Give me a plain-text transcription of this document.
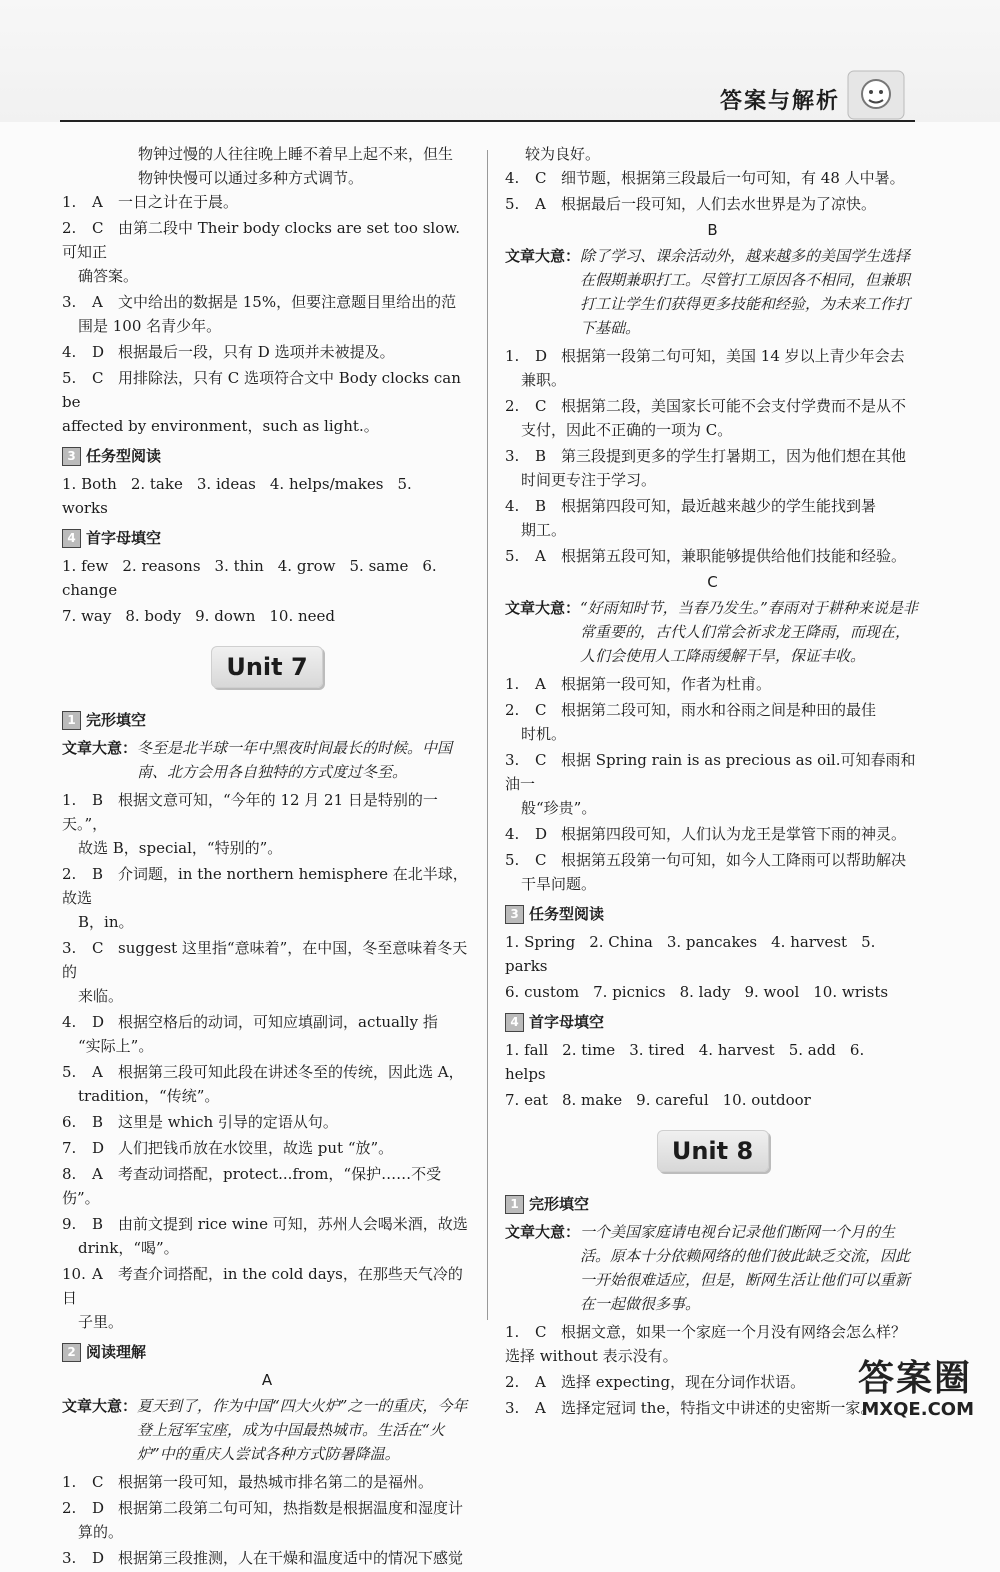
答案与解析
物钟过慢的人往往晚上睡不着早上起不来，但生
物钟快慢可以通过多种方式调节。
1. A 一日之计在于晨。
2. C 由第二段中 Their body clocks are set too slow.可知正
确答案。
3. A 文中给出的数据是 15%，但要注意题目里给出的范
围是 100 名青少年。
4. D 根据最后一段，只有 D 选项并未被提及。
5. C 用排除法，只有 C 选项符合文中 Body clocks can be
affected by environment，such as light.。
3 任务型阅读
1. Both 2. take 3. ideas 4. helps/makes 5. works
4 首字母填空
1. few 2. reasons 3. thin 4. grow 5. same 6. change
7. way 8. body 9. down 10. need
Unit 7
1 完形填空
文章大意： 冬至是北半球一年中黑夜时间最长的时候。中国南、北方会用各自独特的方式度过冬至。
1. B 根据文意可知，“今年的 12 月 21 日是特别的一天。”，
故选 B，special，“特别的”。
2. B 介词题，in the northern hemisphere 在北半球，故选
B，in。
3. C suggest 这里指“意味着”，在中国，冬至意味着冬天的
来临。
4. D 根据空格后的动词，可知应填副词，actually 指
“实际上”。
5. A 根据第三段可知此段在讲述冬至的传统，因此选 A，
tradition，“传统”。
6. B 这里是 which 引导的定语从句。
7. D 人们把钱币放在水饺里，故选 put “放”。
8. A 考查动词搭配，protect...from，“保护……不受伤”。
9. B 由前文提到 rice wine 可知，苏州人会喝米酒，故选
drink，“喝”。
10. A 考查介词搭配，in the cold days，在那些天气冷的日
子里。
2 阅读理解
A
文章大意： 夏天到了，作为中国“四大火炉”之一的重庆，今年登上冠军宝座，成为中国最热城市。生活在“火炉”中的重庆人尝试各种方式防暑降温。
1. C 根据第一段可知，最热城市排名第二的是福州。
2. D 根据第二段第二句可知，热指数是根据温度和湿度计
算的。
3. D 根据第三段推测，人在干燥和温度适中的情况下感觉
较为良好。
4. C 细节题，根据第三段最后一句可知，有 48 人中暑。
5. A 根据最后一段可知，人们去水世界是为了凉快。
B
文章大意： 除了学习、课余活动外，越来越多的美国学生选择在假期兼职打工。尽管打工原因各不相同，但兼职打工让学生们获得更多技能和经验，为未来工作打下基础。
1. D 根据第一段第二句可知，美国 14 岁以上青少年会去
兼职。
2. C 根据第二段，美国家长可能不会支付学费而不是从不
支付，因此不正确的一项为 C。
3. B 第三段提到更多的学生打暑期工，因为他们想在其他
时间更专注于学习。
4. B 根据第四段可知，最近越来越少的学生能找到暑
期工。
5. A 根据第五段可知，兼职能够提供给他们技能和经验。
C
文章大意： “好雨知时节，当春乃发生。”春雨对于耕种来说是非常重要的，古代人们常会祈求龙王降雨，而现在，人们会使用人工降雨缓解干旱，保证丰收。
1. A 根据第一段可知，作者为杜甫。
2. C 根据第二段可知，雨水和谷雨之间是种田的最佳
时机。
3. C 根据 Spring rain is as precious as oil.可知春雨和油一
般“珍贵”。
4. D 根据第四段可知，人们认为龙王是掌管下雨的神灵。
5. C 根据第五段第一句可知，如今人工降雨可以帮助解决
干旱问题。
3 任务型阅读
1. Spring 2. China 3. pancakes 4. harvest 5. parks
6. custom 7. picnics 8. lady 9. wool 10. wrists
4 首字母填空
1. fall 2. time 3. tired 4. harvest 5. add 6. helps
7. eat 8. make 9. careful 10. outdoor
Unit 8
1 完形填空
文章大意： 一个美国家庭请电视台记录他们断网一个月的生活。原本十分依赖网络的他们彼此缺乏交流，因此一开始很难适应，但是，断网生活让他们可以重新在一起做很多事。
1. C 根据文意，如果一个家庭一个月没有网络会怎么样？
选择 without 表示没有。
2. A 选择 expecting，现在分词作状语。
3. A 选择定冠词 the，特指文中讲述的史密斯一家。
答案圈
MXQE.COM
